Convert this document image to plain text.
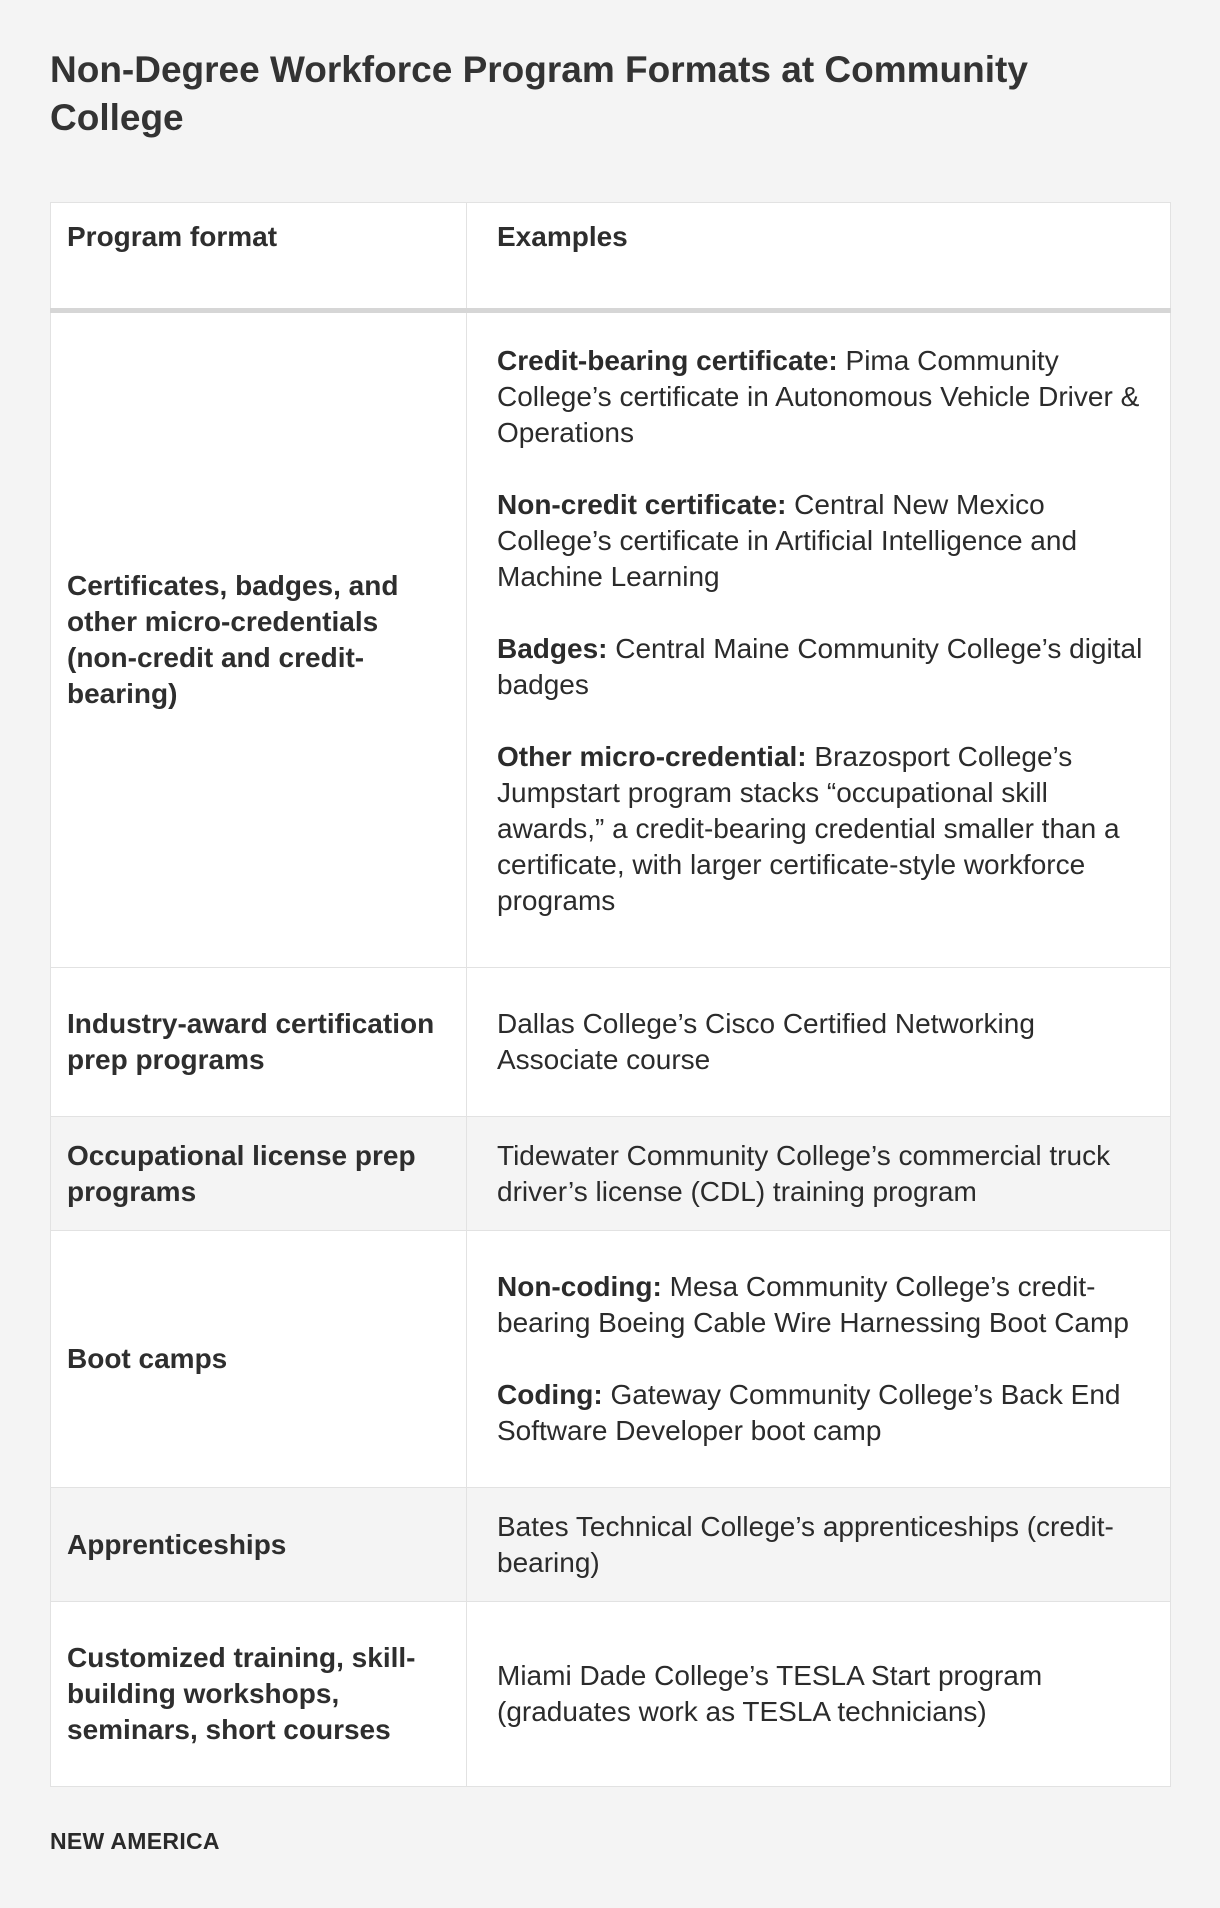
Non-Degree Workforce Program Formats at Community College
Program format	Examples
Certificates, badges, and other micro-credentials (non-credit and credit-bearing)	Credit-bearing certificate: Pima Community College’s certificate in Autonomous Vehicle Driver & Operations

Non-credit certificate: Central New Mexico College’s certificate in Artificial Intelligence and Machine Learning

Badges: Central Maine Community College’s digital badges

Other micro-credential: Brazosport College’s Jumpstart program stacks “occupational skill awards,” a credit-bearing credential smaller than a certificate, with larger certificate-style workforce programs

Industry-award certification prep programs	Dallas College’s Cisco Certified Networking Associate course

Occupational license prep programs	Tidewater Community College’s commercial truck driver’s license (CDL) training program

Boot camps	Non-coding: Mesa Community College’s credit-bearing Boeing Cable Wire Harnessing Boot Camp

Coding: Gateway Community College’s Back End Software Developer boot camp

Apprenticeships	Bates Technical College’s apprenticeships (credit-bearing)

Customized training, skill-building workshops, seminars, short courses	Miami Dade College’s TESLA Start program (graduates work as TESLA technicians)

NEW AMERICA
